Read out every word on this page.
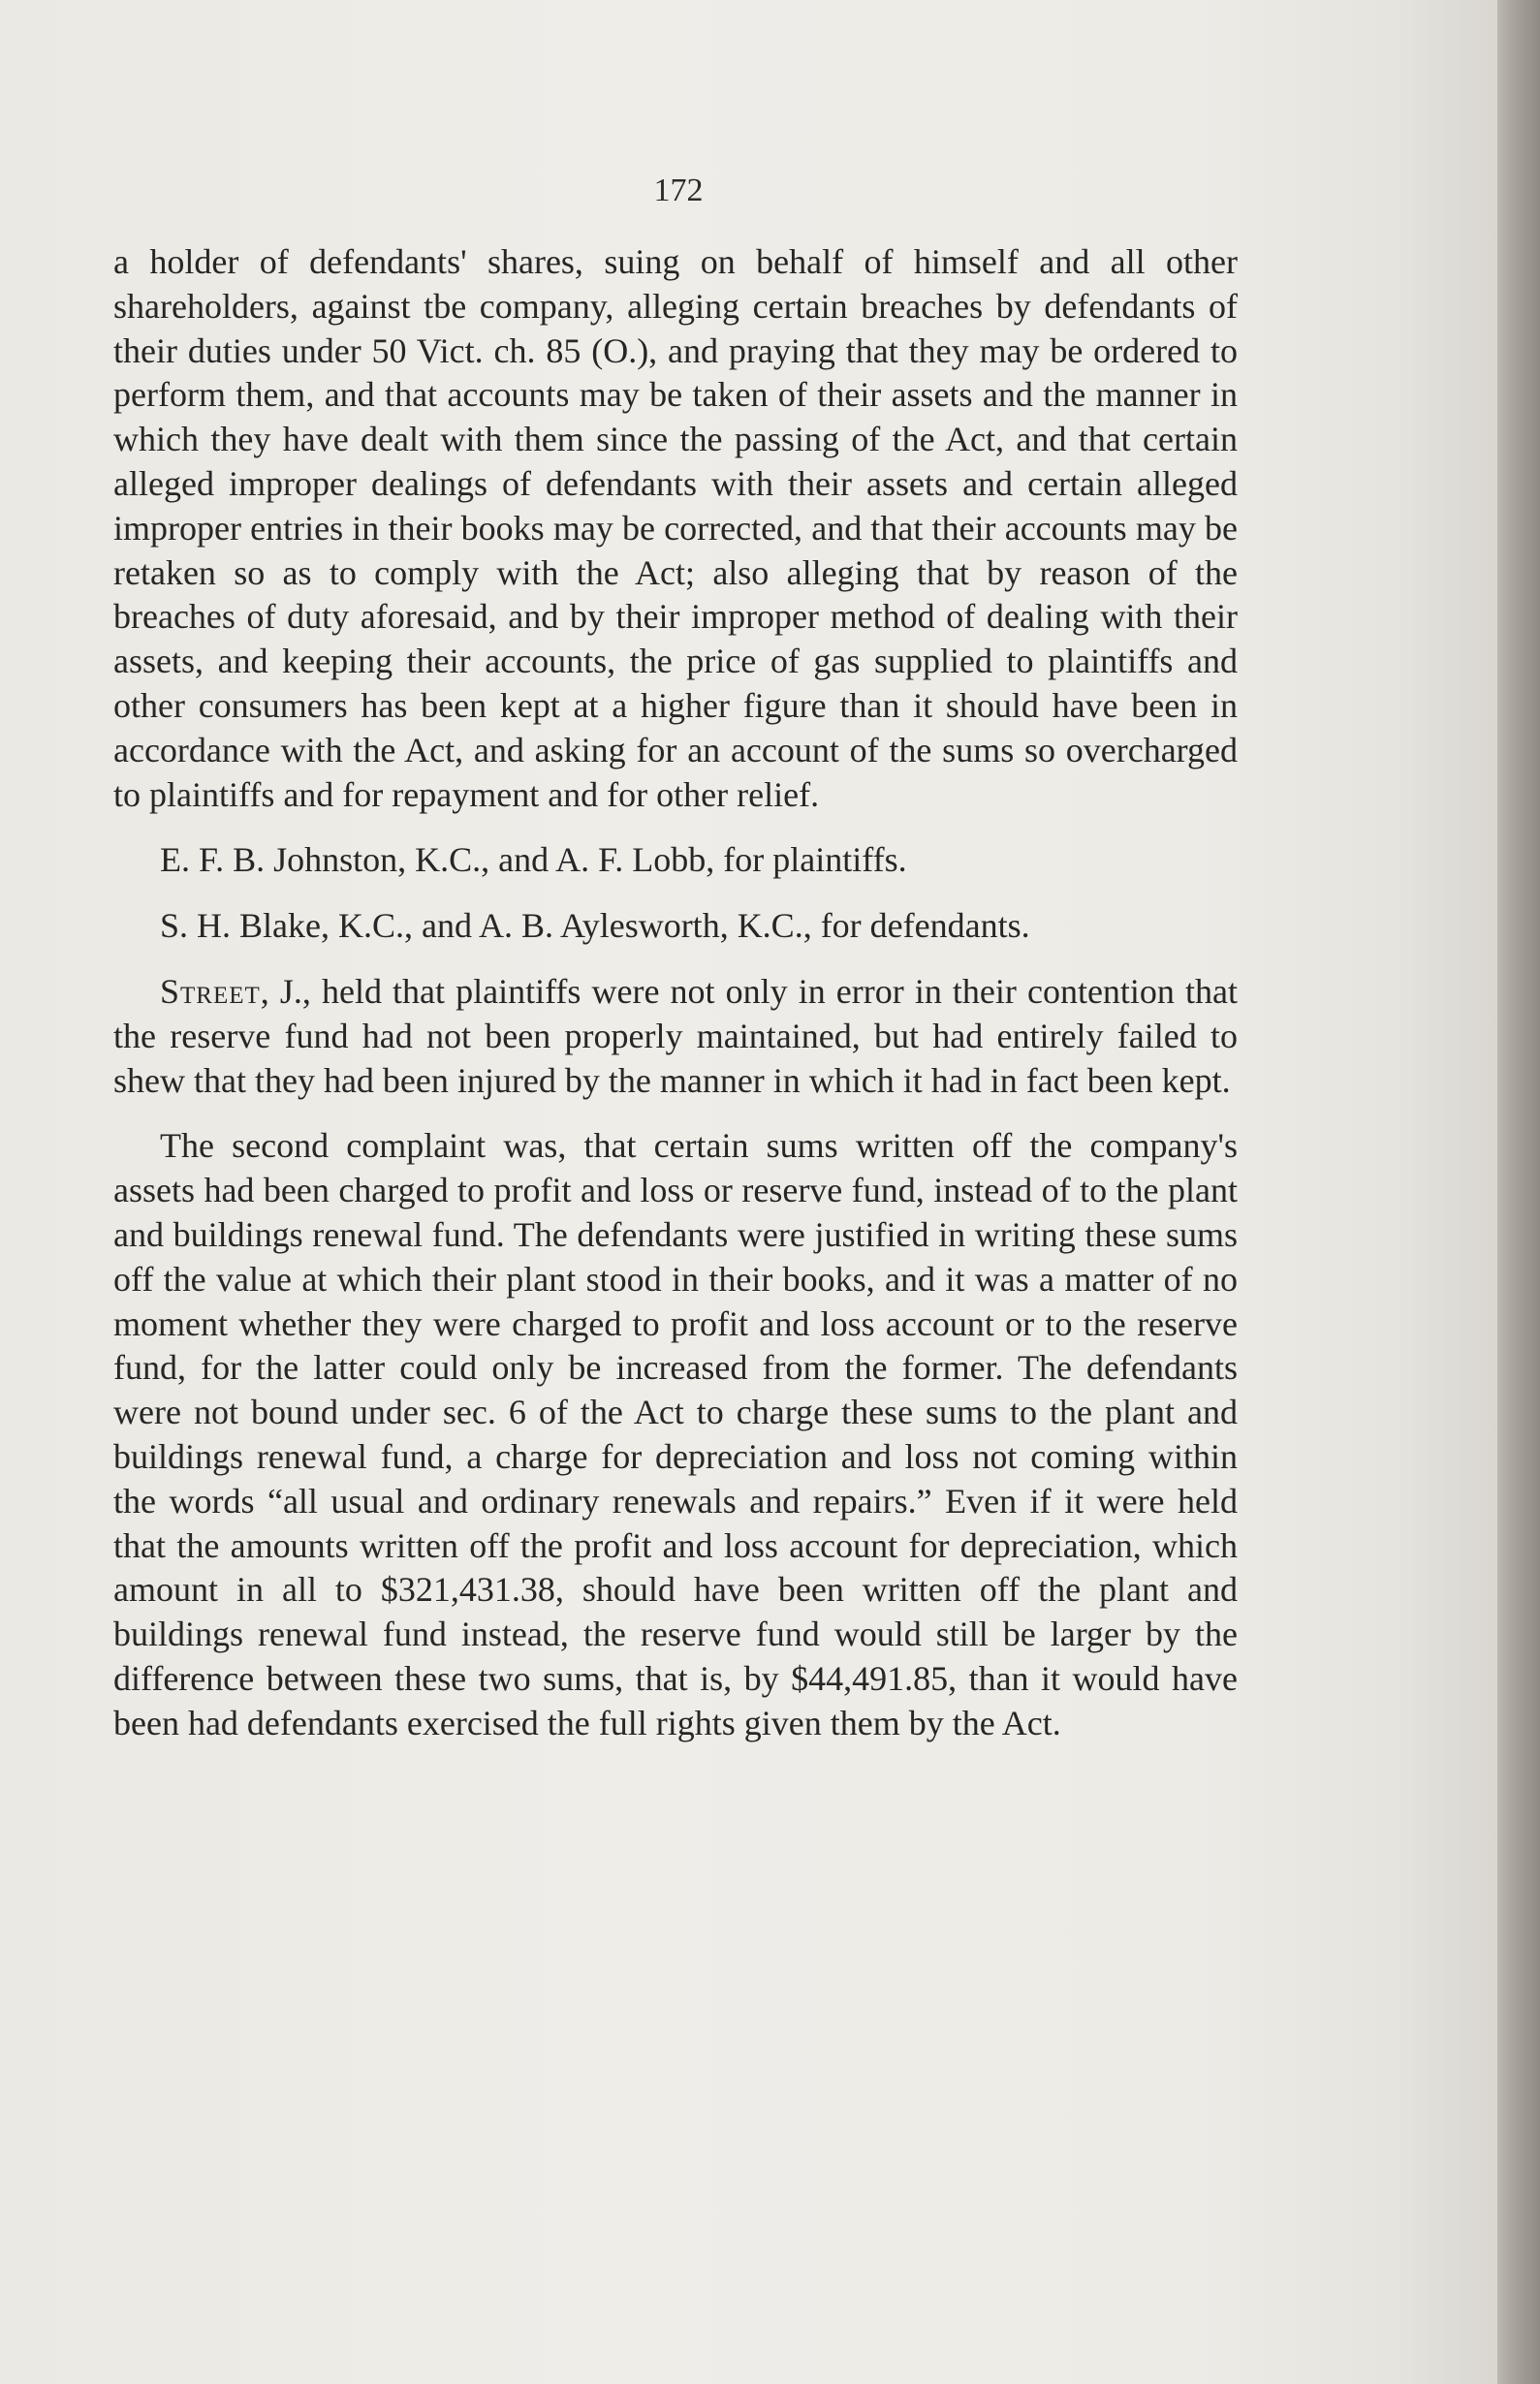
172

a holder of defendants' shares, suing on behalf of himself and all other shareholders, against tbe company, alleging certain breaches by defendants of their duties under 50 Vict. ch. 85 (O.), and praying that they may be ordered to perform them, and that accounts may be taken of their assets and the manner in which they have dealt with them since the passing of the Act, and that certain alleged improper dealings of defendants with their assets and certain alleged improper entries in their books may be corrected, and that their accounts may be retaken so as to comply with the Act; also alleging that by reason of the breaches of duty aforesaid, and by their improper method of dealing with their assets, and keeping their accounts, the price of gas supplied to plaintiffs and other consumers has been kept at a higher figure than it should have been in accordance with the Act, and asking for an account of the sums so overcharged to plaintiffs and for repayment and for other relief.

E. F. B. Johnston, K.C., and A. F. Lobb, for plaintiffs.

S. H. Blake, K.C., and A. B. Aylesworth, K.C., for defendants.

Street, J., held that plaintiffs were not only in error in their contention that the reserve fund had not been properly maintained, but had entirely failed to shew that they had been injured by the manner in which it had in fact been kept.

The second complaint was, that certain sums written off the company's assets had been charged to profit and loss or reserve fund, instead of to the plant and buildings renewal fund. The defendants were justified in writing these sums off the value at which their plant stood in their books, and it was a matter of no moment whether they were charged to profit and loss account or to the reserve fund, for the latter could only be increased from the former. The defendants were not bound under sec. 6 of the Act to charge these sums to the plant and buildings renewal fund, a charge for depreciation and loss not coming within the words “all usual and ordinary renewals and repairs.” Even if it were held that the amounts written off the profit and loss account for depreciation, which amount in all to $321,431.38, should have been written off the plant and buildings renewal fund instead, the reserve fund would still be larger by the difference between these two sums, that is, by $44,491.85, than it would have been had defendants exercised the full rights given them by the Act.
